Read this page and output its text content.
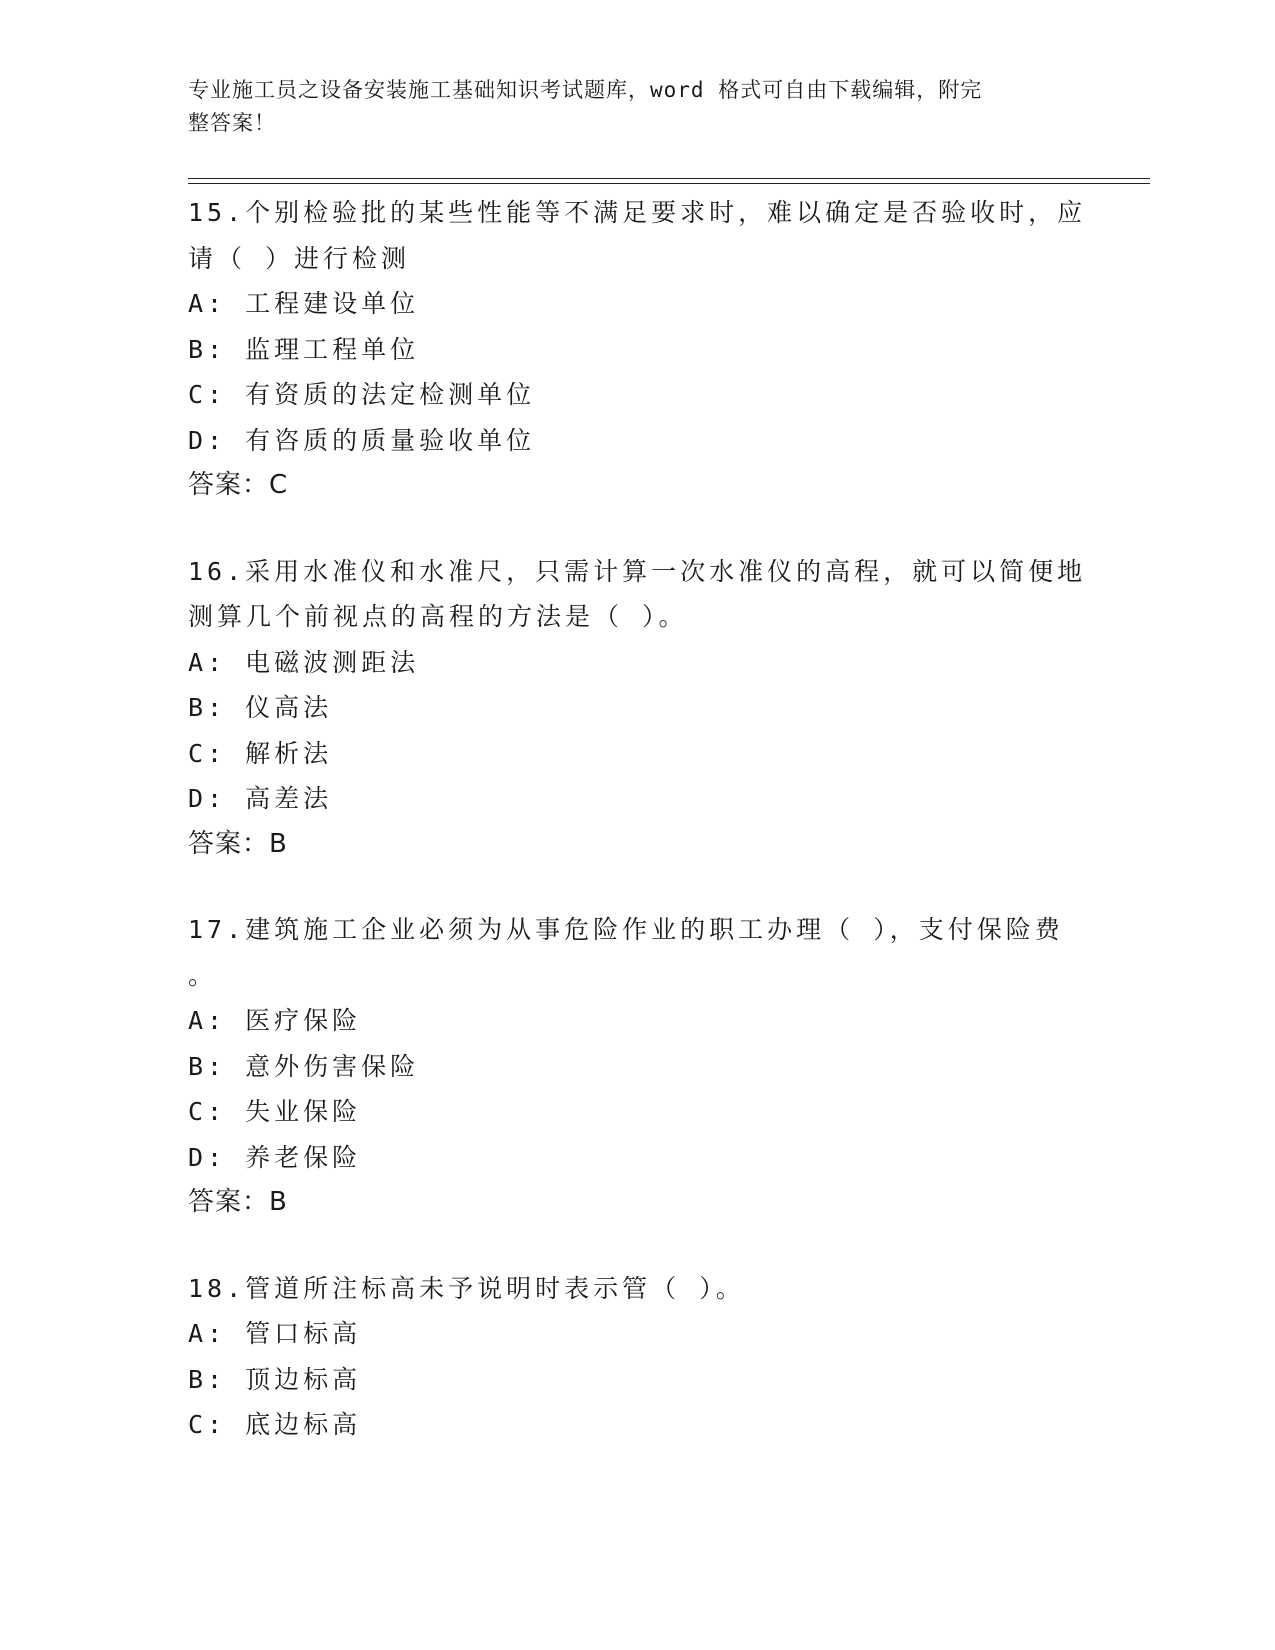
专业施工员之设备安装施工基础知识考试题库，word 格式可自由下载编辑，附完
整答案！
15.个别检验批的某些性能等不满足要求时，难以确定是否验收时，应
请（ ）进行检测
A: 工程建设单位
B: 监理工程单位
C: 有资质的法定检测单位
D: 有咨质的质量验收单位
答案：C
16.采用水准仪和水准尺，只需计算一次水准仪的高程，就可以简便地
测算几个前视点的高程的方法是（ ）。
A: 电磁波测距法
B: 仪高法
C: 解析法
D: 高差法
答案：B
17.建筑施工企业必须为从事危险作业的职工办理（ ），支付保险费
。
A: 医疗保险
B: 意外伤害保险
C: 失业保险
D: 养老保险
答案：B
18.管道所注标高未予说明时表示管（ ）。
A: 管口标高
B: 顶边标高
C: 底边标高
